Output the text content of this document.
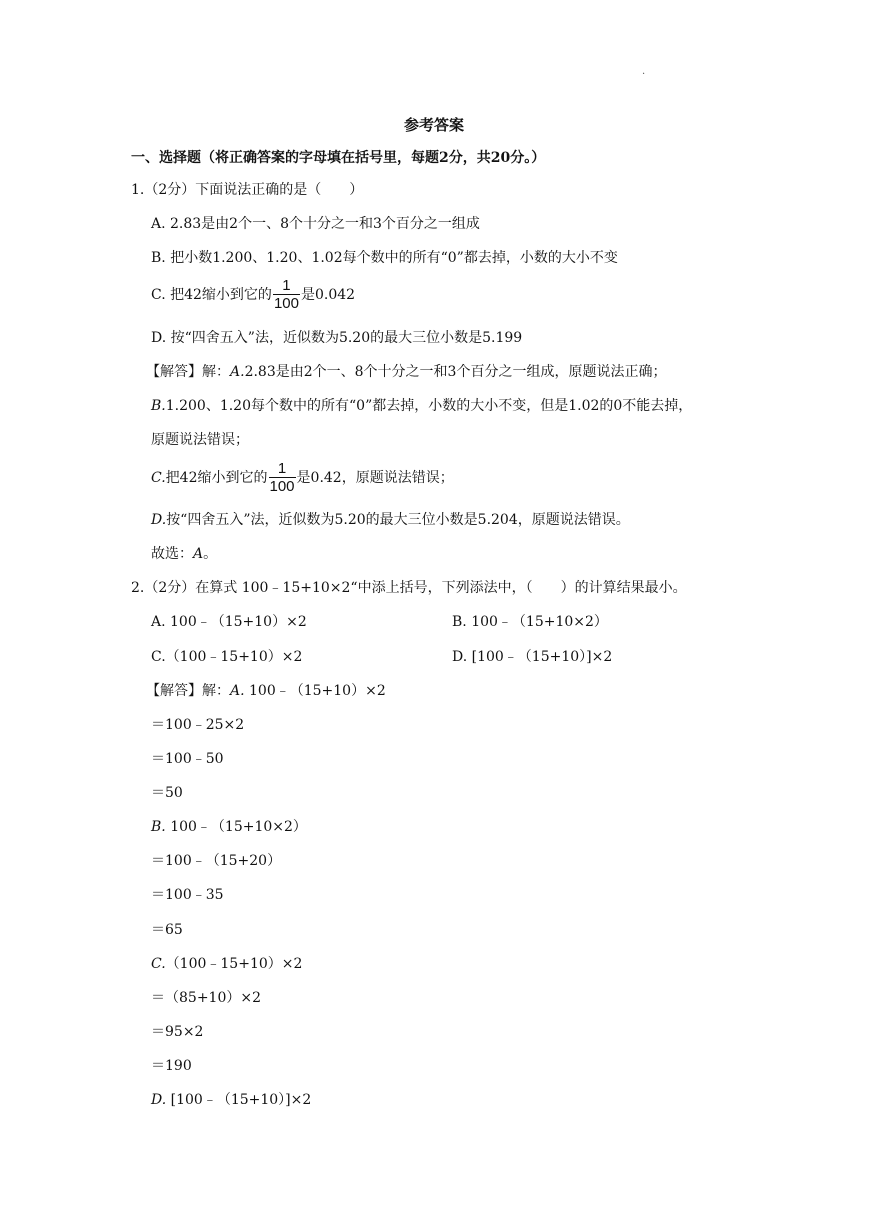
.
参考答案
一、选择题（将正确答案的字母填在括号里，每题2分，共20分。）
1.（2分）下面说法正确的是（　　）
A. 2.83是由2个一、8个十分之一和3个百分之一组成
B. 把小数1.200、1.20、1.02每个数中的所有“0”都去掉，小数的大小不变
C. 把42缩小到它的 $\frac{1}{100}$ 是0.042
D. 按“四舍五入”法，近似数为5.20的最大三位小数是5.199
【解答】解：A.2.83是由2个一、8个十分之一和3个百分之一组成，原题说法正确；
B.1.200、1.20每个数中的所有“0”都去掉，小数的大小不变，但是1.02的0不能去掉，
原题说法错误；
C.把42缩小到它的 $\frac{1}{100}$ 是0.42，原题说法错误；
D.按“四舍五入”法，近似数为5.20的最大三位小数是5.204，原题说法错误。
故选：A。
2.（2分）在算式 100﹣15+10×2“中添上括号，下列添法中，（　　）的计算结果最小。
A. 100﹣（15+10）×2	B. 100﹣（15+10×2）
C.（100﹣15+10）×2	D. [100﹣（15+10）]×2
【解答】解：A. 100﹣（15+10）×2
＝100﹣25×2
＝100﹣50
＝50
B. 100﹣（15+10×2）
＝100﹣（15+20）
＝100﹣35
＝65
C.（100﹣15+10）×2
＝（85+10）×2
＝95×2
＝190
D. [100﹣（15+10）]×2
